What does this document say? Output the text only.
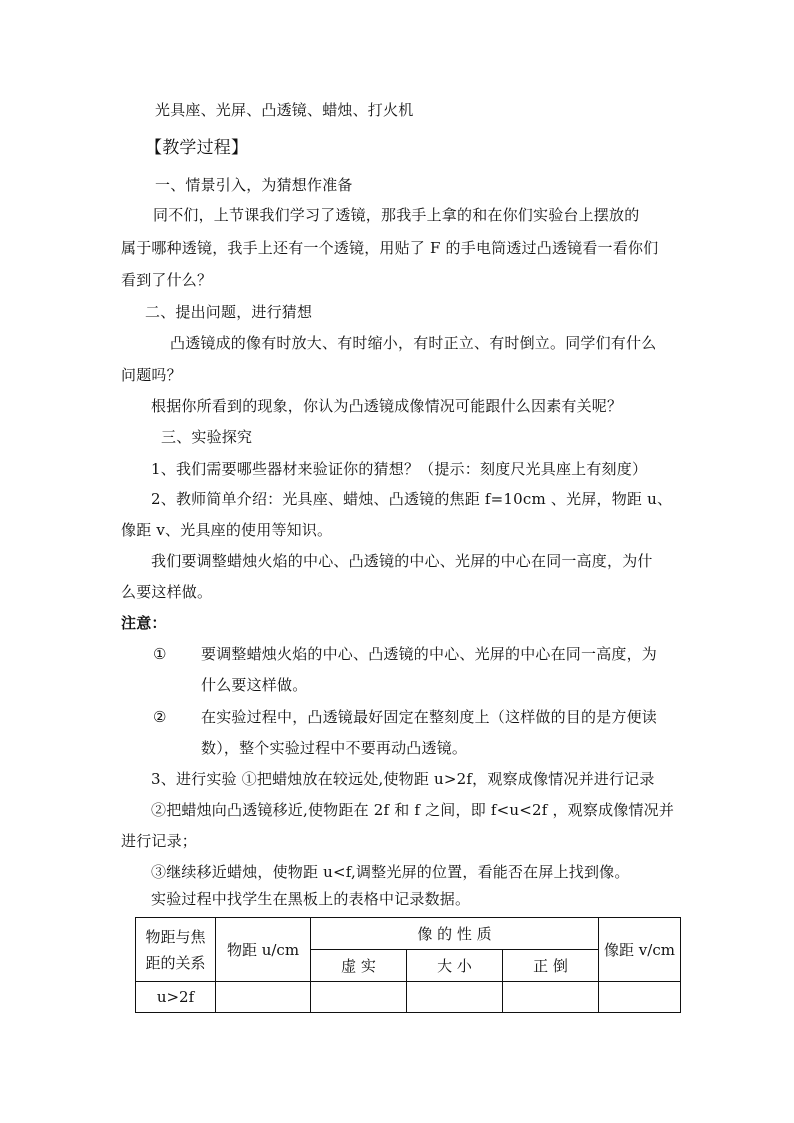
光具座、光屏、凸透镜、蜡烛、打火机
【教学过程】
一、情景引入，为猜想作准备
同不们，上节课我们学习了透镜，那我手上拿的和在你们实验台上摆放的
属于哪种透镜，我手上还有一个透镜，用贴了 F 的手电筒透过凸透镜看一看你们
看到了什么？
二、提出问题，进行猜想
凸透镜成的像有时放大、有时缩小，有时正立、有时倒立。同学们有什么
问题吗？
根据你所看到的现象，你认为凸透镜成像情况可能跟什么因素有关呢？
三、实验探究
1、我们需要哪些器材来验证你的猜想？（提示：刻度尺光具座上有刻度）
2、教师简单介绍：光具座、蜡烛、凸透镜的焦距 f=10cm 、光屏，物距 u、
像距 v、光具座的使用等知识。
我们要调整蜡烛火焰的中心、凸透镜的中心、光屏的中心在同一高度，为什
么要这样做。
注意：
① 要调整蜡烛火焰的中心、凸透镜的中心、光屏的中心在同一高度，为
什么要这样做。
② 在实验过程中，凸透镜最好固定在整刻度上（这样做的目的是方便读
数），整个实验过程中不要再动凸透镜。
3、进行实验 ①把蜡烛放在较远处,使物距 u>2f，观察成像情况并进行记录
②把蜡烛向凸透镜移近,使物距在 2f 和 f 之间，即 f<u<2f ，观察成像情况并
进行记录；
③继续移近蜡烛，使物距 u<f,调整光屏的位置，看能否在屏上找到像。
实验过程中找学生在黑板上的表格中记录数据。
物距与焦
距的关系
物距 u/cm
像 的 性 质
像距 v/cm
虚 实	大 小	正 倒
u>2f
